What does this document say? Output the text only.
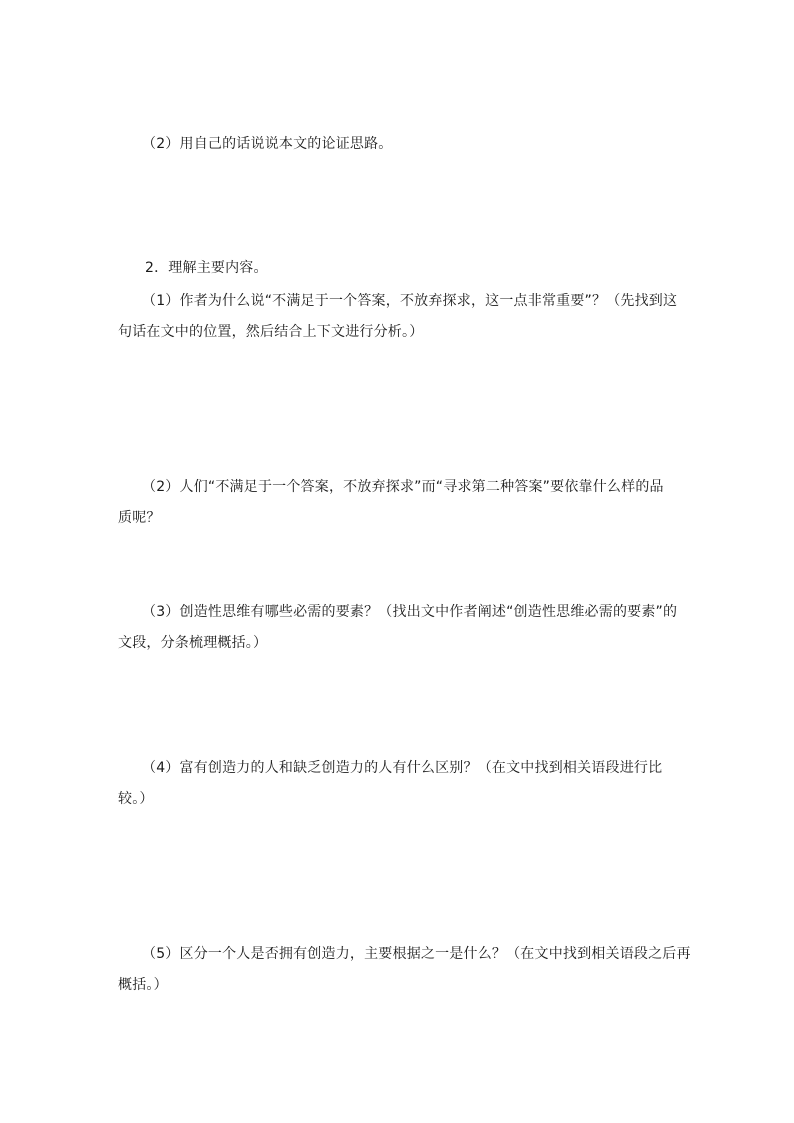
（2）用自己的话说说本文的论证思路。
2．理解主要内容。
（1）作者为什么说“不满足于一个答案，不放弃探求，这一点非常重要”？（先找到这
句话在文中的位置，然后结合上下文进行分析。）
（2）人们“不满足于一个答案，不放弃探求”而“寻求第二种答案”要依靠什么样的品
质呢？
（3）创造性思维有哪些必需的要素？（找出文中作者阐述“创造性思维必需的要素”的
文段，分条梳理概括。）
（4）富有创造力的人和缺乏创造力的人有什么区别？（在文中找到相关语段进行比
较。）
（5）区分一个人是否拥有创造力，主要根据之一是什么？（在文中找到相关语段之后再
概括。）
